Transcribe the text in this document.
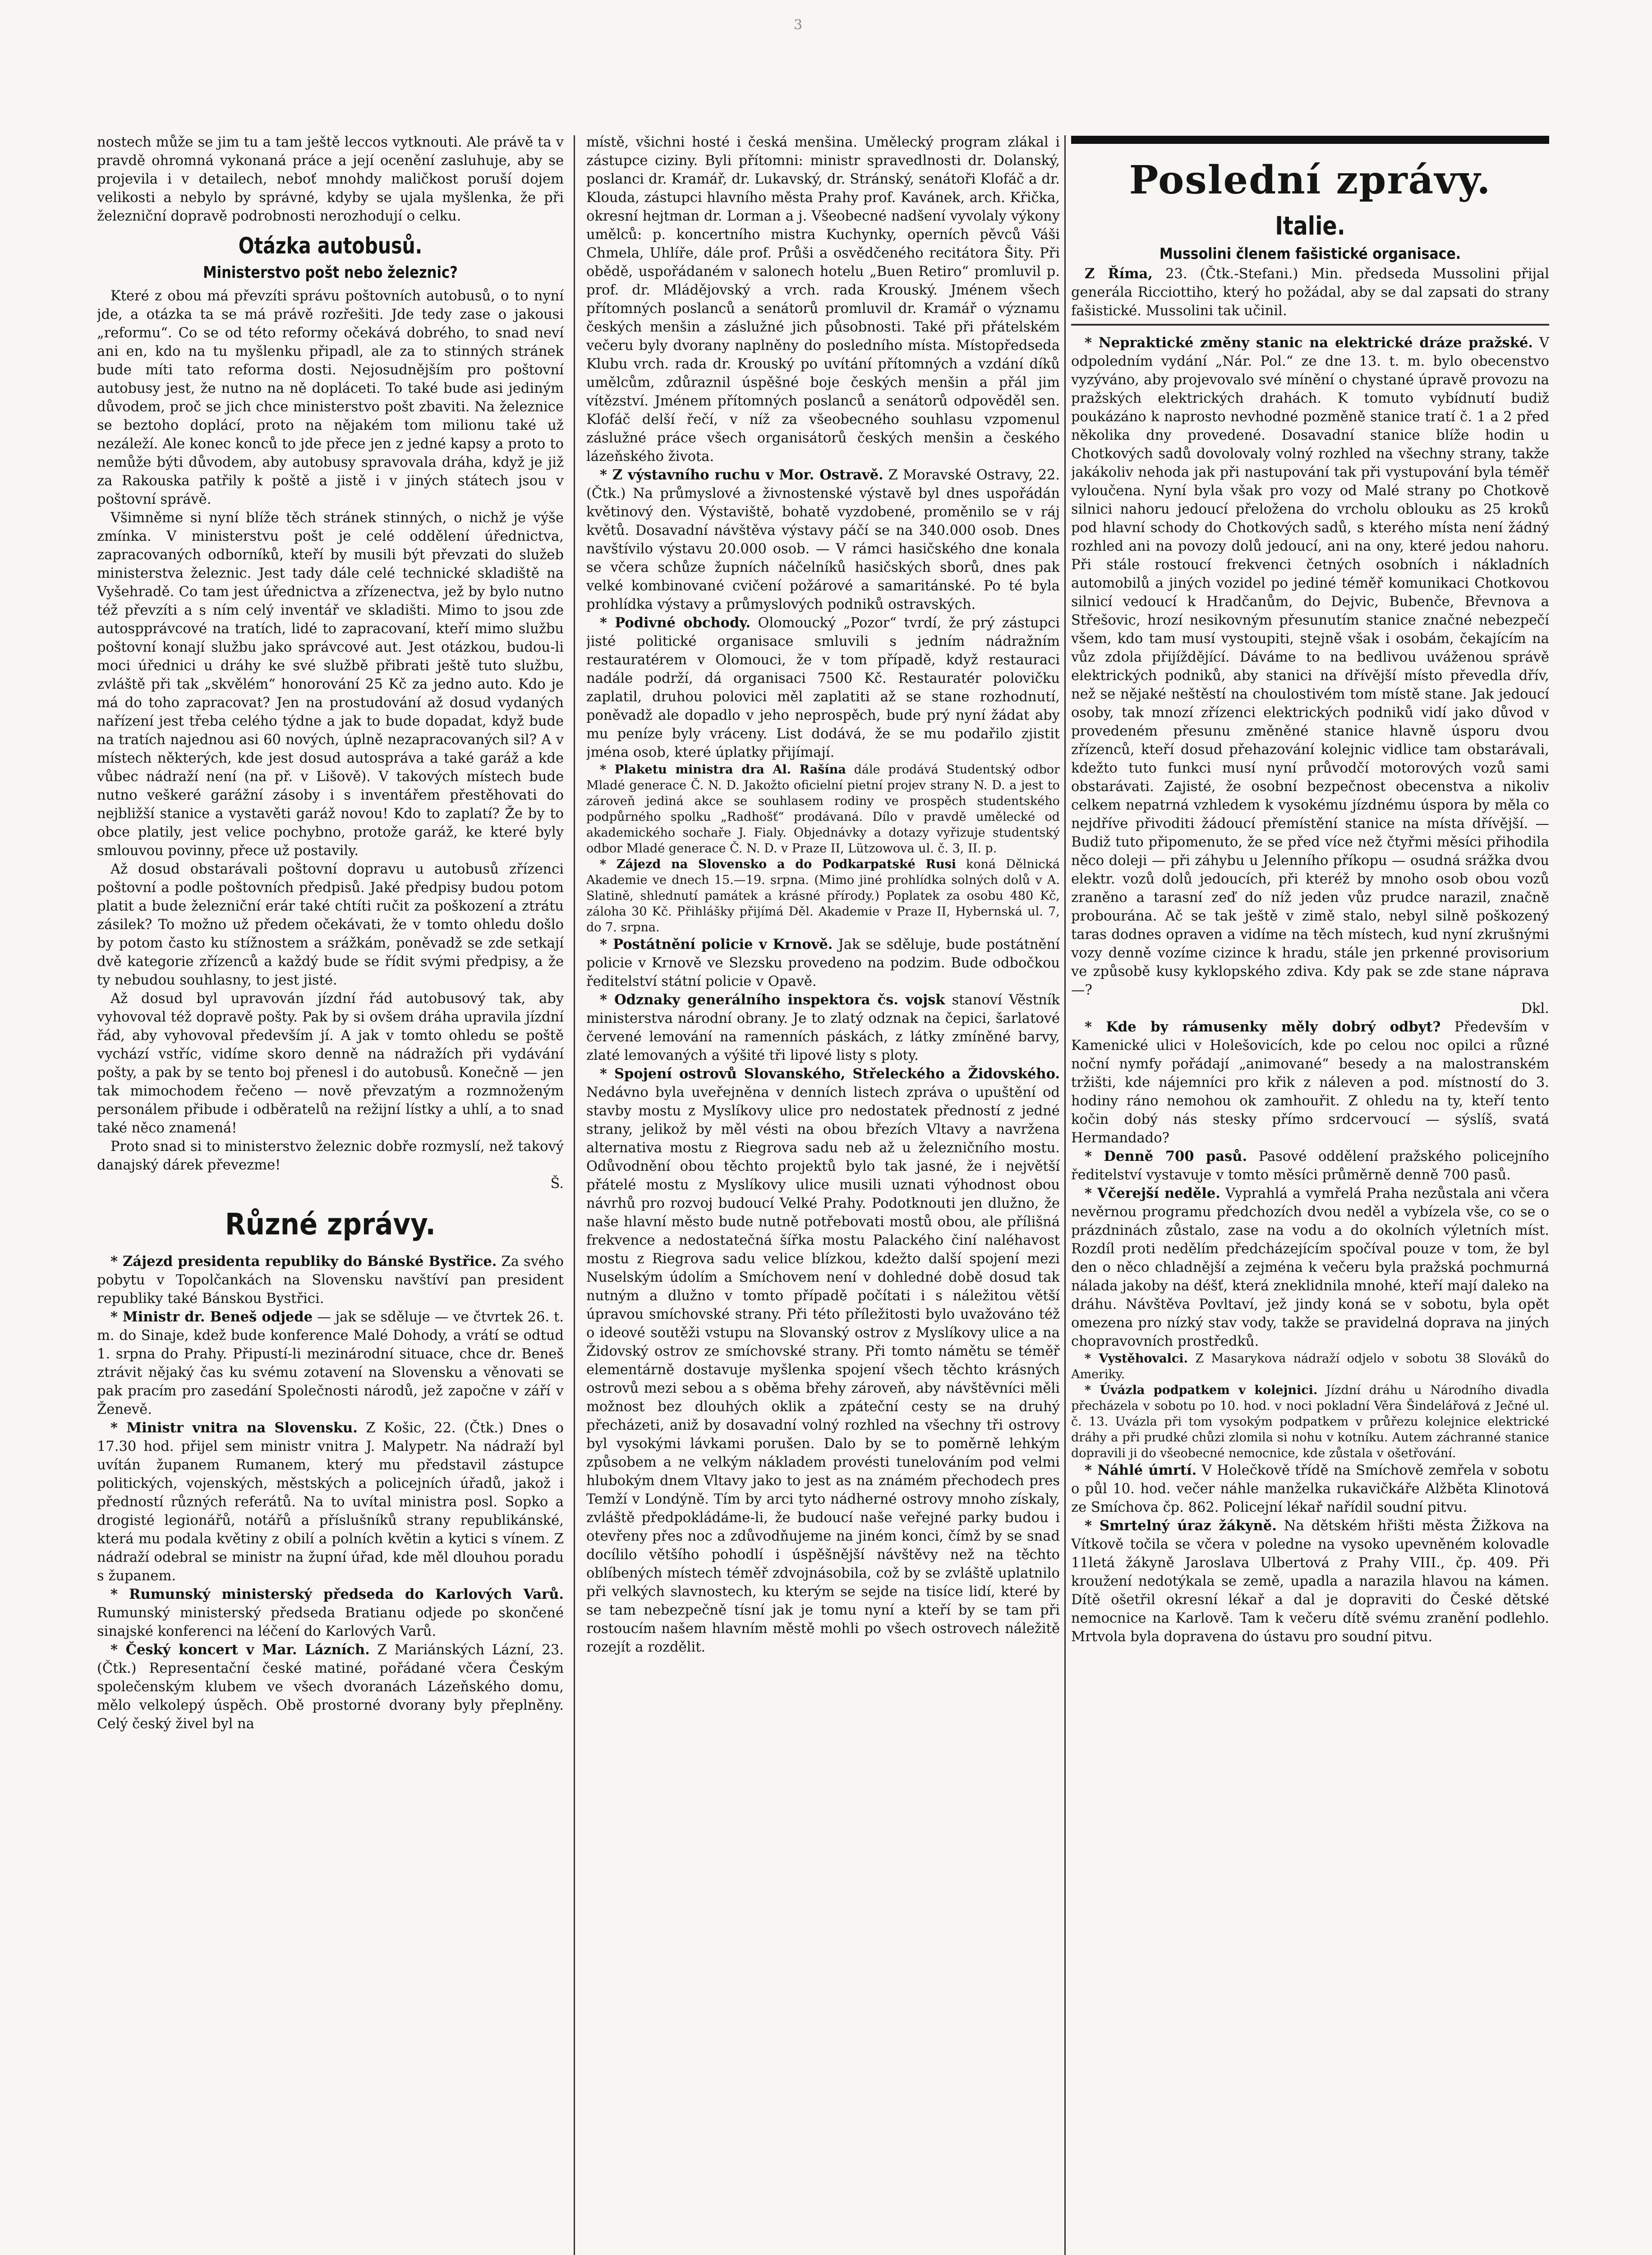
3

nostech může se jim tu a tam ještě leccos vytknouti. Ale právě ta v pravdě ohromná vykonaná práce a její ocenění zasluhuje, aby se projevila i v detailech, neboť mnohdy maličkost poruší dojem velikosti a nebylo by správné, kdyby se ujala myšlenka, že při železniční dopravě podrobnosti nerozhodují o celku.

Otázka autobusů.
Ministerstvo pošt nebo železnic?

Které z obou má převzíti správu poštovních autobusů, o to nyní jde, a otázka ta se má právě rozřešiti. Jde tedy zase o jakousi „reformu“. Co se od této reformy očekává dobrého, to snad neví ani en, kdo na tu myšlenku připadl, ale za to stinných stránek bude míti tato reforma dosti. Nejosudnějším pro poštovní autobusy jest, že nutno na ně dopláceti. To také bude asi jediným důvodem, proč se jich chce ministerstvo pošt zbaviti. Na železnice se beztoho doplácí, proto na nějakém tom milionu také už nezáleží. Ale konec konců to jde přece jen z jedné kapsy a proto to nemůže býti důvodem, aby autobusy spravovala dráha, když je již za Rakouska patřily k poště a jistě i v jiných státech jsou v poštovní správě.

Všimněme si nyní blíže těch stránek stinných, o nichž je výše zmínka. V ministerstvu pošt je celé oddělení úřednictva, zapracovaných odborníků, kteří by musili být převzati do služeb ministerstva železnic. Jest tady dále celé technické skladiště na Vyšehradě. Co tam jest úřednictva a zřízenectva, jež by bylo nutno též převzíti a s ním celý inventář ve skladišti. Mimo to jsou zde autospprávcové na tratích, lidé to zapracovaní, kteří mimo službu poštovní konají službu jako správcové aut. Jest otázkou, budou-li moci úřednici u dráhy ke své službě přibrati ještě tuto službu, zvláště při tak „skvělém“ honorování 25 Kč za jedno auto. Kdo je má do toho zapracovat? Jen na prostudování až dosud vydaných nařízení jest třeba celého týdne a jak to bude dopadat, když bude na tratích najednou asi 60 nových, úplně nezapracovaných sil? A v místech některých, kde jest dosud autospráva a také garáž a kde vůbec nádraží není (na př. v Lišově). V takových místech bude nutno veškeré garážní zásoby i s inventářem přestěhovati do nejbližší stanice a vystavěti garáž novou! Kdo to zaplatí? Že by to obce platily, jest velice pochybno, protože garáž, ke které byly smlouvou povinny, přece už postavily.

Až dosud obstarávali poštovní dopravu u autobusů zřízenci poštovní a podle poštovních předpisů. Jaké předpisy budou potom platit a bude železniční erár také chtíti ručit za poškození a ztrátu zásilek? To možno už předem očekávati, že v tomto ohledu došlo by potom často ku stížnostem a srážkám, poněvadž se zde setkají dvě kategorie zřízenců a každý bude se řídit svými předpisy, a že ty nebudou souhlasny, to jest jisté.

Až dosud byl upravován jízdní řád autobusový tak, aby vyhovoval též dopravě pošty. Pak by si ovšem dráha upravila jízdní řád, aby vyhovoval především jí. A jak v tomto ohledu se poště vychází vstříc, vidíme skoro denně na nádražích při vydávání pošty, a pak by se tento boj přenesl i do autobusů. Konečně — jen tak mimochodem řečeno — nově převzatým a rozmnoženým personálem přibude i odběratelů na režijní lístky a uhlí, a to snad také něco znamená!

Proto snad si to ministerstvo železnic dobře rozmyslí, než takový danajský dárek převezme!

Š.
Různé zprávy.

* Zájezd presidenta republiky do Bánské Bystřice. Za svého pobytu v Topolčankách na Slovensku navštíví pan president republiky také Bánskou Bystřici.

* Ministr dr. Beneš odjede — jak se sděluje — ve čtvrtek 26. t. m. do Sinaje, kdež bude konference Malé Dohody, a vrátí se odtud 1. srpna do Prahy. Připustí-li mezinárodní situace, chce dr. Beneš ztrávit nějaký čas ku svému zotavení na Slovensku a věnovati se pak pracím pro zasedání Společnosti národů, jež započne v září v Ženevě.

* Ministr vnitra na Slovensku. Z Košic, 22. (Čtk.) Dnes o 17.30 hod. přijel sem ministr vnitra J. Malypetr. Na nádraží byl uvítán županem Rumanem, který mu představil zástupce politických, vojenských, městských a policejních úřadů, jakož i předností různých referátů. Na to uvítal ministra posl. Sopko a drogisté legionářů, notářů a příslušníků strany republikánské, která mu podala květiny z obilí a polních květin a kytici s vínem. Z nádraží odebral se ministr na župní úřad, kde měl dlouhou poradu s županem.

* Rumunský ministerský předseda do Karlových Varů. Rumunský ministerský předseda Bratianu odjede po skončené sinajské konferenci na léčení do Karlových Varů.

* Český koncert v Mar. Lázních. Z Mariánských Lázní, 23. (Čtk.) Representační české matiné, pořádané včera Českým společenským klubem ve všech dvoranách Lázeňského domu, mělo velkolepý úspěch. Obě prostorné dvorany byly přeplněny. Celý český živel byl na

místě, všichni hosté i česká menšina. Umělecký program zlákal i zástupce ciziny. Byli přítomni: ministr spravedlnosti dr. Dolanský, poslanci dr. Kramář, dr. Lukavský, dr. Stránský, senátoři Klofáč a dr. Klouda, zástupci hlavního města Prahy prof. Kavánek, arch. Křička, okresní hejtman dr. Lorman a j. Všeobecné nadšení vyvolaly výkony umělců: p. koncertního mistra Kuchynky, operních pěvců Váši Chmela, Uhlíře, dále prof. Průši a osvědčeného recitátora Šity. Při obědě, uspořádaném v salonech hotelu „Buen Retiro“ promluvil p. prof. dr. Mládějovský a vrch. rada Krouský. Jménem všech přítomných poslanců a senátorů promluvil dr. Kramář o významu českých menšin a záslužné jich působnosti. Také při přátelském večeru byly dvorany naplněny do posledního místa. Místopředseda Klubu vrch. rada dr. Krouský po uvítání přítomných a vzdání díků umělcům, zdůraznil úspěšné boje českých menšin a přál jim vítězství. Jménem přítomných poslanců a senátorů odpověděl sen. Klofáč delší řečí, v níž za všeobecného souhlasu vzpomenul záslužné práce všech organisátorů českých menšin a českého lázeňského života.

* Z výstavního ruchu v Mor. Ostravě. Z Moravské Ostravy, 22. (Čtk.) Na průmyslové a živnostenské výstavě byl dnes uspořádán květinový den. Výstaviště, bohatě vyzdobené, proměnilo se v ráj květů. Dosavadní návštěva výstavy páčí se na 340.000 osob. Dnes navštívilo výstavu 20.000 osob. — V rámci hasičského dne konala se včera schůze župních náčelníků hasičských sborů, dnes pak velké kombinované cvičení požárové a samaritánské. Po té byla prohlídka výstavy a průmyslových podniků ostravských.

* Podivné obchody. Olomoucký „Pozor“ tvrdí, že prý zástupci jisté politické organisace smluvili s jedním nádražním restauratérem v Olomouci, že v tom případě, když restauraci nadále podrží, dá organisaci 7500 Kč. Restauratér polovičku zaplatil, druhou polovici měl zaplatiti až se stane rozhodnutí, poněvadž ale dopadlo v jeho neprospěch, bude prý nyní žádat aby mu peníze byly vráceny. List dodává, že se mu podařilo zjistit jména osob, které úplatky přijímají.

* Plaketu ministra dra Al. Rašína dále prodává Studentský odbor Mladé generace Č. N. D. Jakožto oficielní pietní projev strany N. D. a jest to zároveň jediná akce se souhlasem rodiny ve prospěch studentského podpůrného spolku „Radhošť“ prodávaná. Dílo v pravdě umělecké od akademického sochaře J. Fialy. Objednávky a dotazy vyřizuje studentský odbor Mladé generace Č. N. D. v Praze II, Lützowova ul. č. 3, II. p.

* Zájezd na Slovensko a do Podkarpatské Rusi koná Dělnická Akademie ve dnech 15.—19. srpna. (Mimo jiné prohlídka solných dolů v A. Slatině, shlednutí památek a krásné přírody.) Poplatek za osobu 480 Kč, záloha 30 Kč. Přihlášky přijímá Děl. Akademie v Praze II, Hybernská ul. 7, do 7. srpna.

* Postátnění policie v Krnově. Jak se sděluje, bude postátnění policie v Krnově ve Slezsku provedeno na podzim. Bude odbočkou ředitelství státní policie v Opavě.

* Odznaky generálního inspektora čs. vojsk stanoví Věstník ministerstva národní obrany. Je to zlatý odznak na čepici, šarlatové červené lemování na ramenních páskách, z látky zmíněné barvy, zlaté lemovaných a výšité tři lipové listy s ploty.

* Spojení ostrovů Slovanského, Střeleckého a Židovského. Nedávno byla uveřejněna v denních listech zpráva o upuštění od stavby mostu z Myslíkovy ulice pro nedostatek předností z jedné strany, jelikož by měl vésti na obou březích Vltavy a navržena alternativa mostu z Riegrova sadu neb až u železničního mostu. Odůvodnění obou těchto projektů bylo tak jasné, že i největší přátelé mostu z Myslíkovy ulice musili uznati výhodnost obou návrhů pro rozvoj budoucí Velké Prahy. Podotknouti jen dlužno, že naše hlavní město bude nutně potřebovati mostů obou, ale přílišná frekvence a nedostatečná šířka mostu Palackého činí naléhavost mostu z Riegrova sadu velice blízkou, kdežto další spojení mezi Nuselským údolím a Smíchovem není v dohledné době dosud tak nutným a dlužno v tomto případě počítati i s náležitou větší úpravou smíchovské strany. Při této příležitosti bylo uvažováno též o ideové soutěži vstupu na Slovanský ostrov z Myslíkovy ulice a na Židovský ostrov ze smíchovské strany. Při tomto námětu se téměř elementárně dostavuje myšlenka spojení všech těchto krásných ostrovů mezi sebou a s oběma břehy zároveň, aby návštěvníci měli možnost bez dlouhých oklik a zpáteční cesty se na druhý přecházeti, aniž by dosavadní volný rozhled na všechny tři ostrovy byl vysokými lávkami porušen. Dalo by se to poměrně lehkým způsobem a ne velkým nákladem provésti tunelováním pod velmi hlubokým dnem Vltavy jako to jest as na známém přechodech pres Temží v Londýně. Tím by arci tyto nádherné ostrovy mnoho získaly, zvláště předpokládáme-li, že budoucí naše veřejné parky budou i otevřeny přes noc a zdůvodňujeme na jiném konci, čímž by se snad docílilo většího pohodlí i úspěšnější návštěvy než na těchto oblíbených místech téměř zdvojnásobila, což by se zvláště uplatnilo při velkých slavnostech, ku kterým se sejde na tisíce lidí, které by se tam nebezpečně tísní jak je tomu nyní a kteří by se tam při rostoucím našem hlavním městě mohli po všech ostrovech náležitě rozejít a rozdělit.

Poslední zprávy.
Italie.
Mussolini členem fašistické organisace.

Z Říma, 23. (Čtk.-Stefani.) Min. předseda Mussolini přijal generála Ricciottiho, který ho požádal, aby se dal zapsati do strany fašistické. Mussolini tak učinil.

* Nepraktické změny stanic na elektrické dráze pražské. V odpoledním vydání „Nár. Pol.“ ze dne 13. t. m. bylo obecenstvo vyzýváno, aby projevovalo své mínění o chystané úpravě provozu na pražských elektrických drahách. K tomuto vybídnutí budiž poukázáno k naprosto nevhodné pozměně stanice tratí č. 1 a 2 před několika dny provedené. Dosavadní stanice blíže hodin u Chotkových sadů dovolovaly volný rozhled na všechny strany, takže jakákoliv nehoda jak při nastupování tak při vystupování byla téměř vyloučena. Nyní byla však pro vozy od Malé strany po Chotkově silnici nahoru jedoucí přeložena do vrcholu oblouku as 25 kroků pod hlavní schody do Chotkových sadů, s kterého místa není žádný rozhled ani na povozy dolů jedoucí, ani na ony, které jedou nahoru. Při stále rostoucí frekvenci četných osobních i nákladních automobilů a jiných vozidel po jediné téměř komunikaci Chotkovou silnicí vedoucí k Hradčanům, do Dejvic, Bubenče, Břevnova a Střešovic, hrozí nesikovným přesunutím stanice značné nebezpečí všem, kdo tam musí vystoupiti, stejně však i osobám, čekajícím na vůz zdola přijíždějící. Dáváme to na bedlivou uváženou správě elektrických podniků, aby stanici na dřívější místo převedla dřív, než se nějaké neštěstí na choulostivém tom místě stane. Jak jedoucí osoby, tak mnozí zřízenci elektrických podniků vidí jako důvod v provedeném přesunu změněné stanice hlavně úsporu dvou zřízenců, kteří dosud přehazování kolejnic vidlice tam obstarávali, kdežto tuto funkci musí nyní průvodčí motorových vozů sami obstarávati. Zajisté, že osobní bezpečnost obecenstva a nikoliv celkem nepatrná vzhledem k vysokému jízdnému úspora by měla co nejdříve přivoditi žádoucí přemístění stanice na místa dřívější. — Budiž tuto připomenuto, že se před více než čtyřmi měsíci přihodila něco doleji — při záhybu u Jelenního příkopu — osudná srážka dvou elektr. vozů dolů jedoucích, při kteréž by mnoho osob obou vozů zraněno a tarasní zeď do níž jeden vůz prudce narazil, značně probourána. Ač se tak ještě v zimě stalo, nebyl silně poškozený taras dodnes opraven a vidíme na těch místech, kud nyní zkrušnými vozy denně vozíme cizince k hradu, stále jen prkenné provisorium ve způsobě kusy kyklopského zdiva. Kdy pak se zde stane náprava —?

Dkl.

* Kde by rámusenky měly dobrý odbyt? Především v Kamenické ulici v Holešovicích, kde po celou noc opilci a různé noční nymfy pořádají „animované“ besedy a na malostranském tržišti, kde nájemníci pro křik z náleven a pod. místností do 3. hodiny ráno nemohou ok zamhouřit. Z ohledu na ty, kteří tento kočin dobý nás stesky přímo srdcervoucí — sýslíš, svatá Hermandado?

* Denně 700 pasů. Pasové oddělení pražského policejního ředitelství vystavuje v tomto měsíci průměrně denně 700 pasů.

* Včerejší neděle. Vyprahlá a vymřelá Praha nezůstala ani včera nevěrnou programu předchozích dvou neděl a vybízela vše, co se o prázdninách zůstalo, zase na vodu a do okolních výletních míst. Rozdíl proti nedělím předcházejícím spočíval pouze v tom, že byl den o něco chladnější a zejména k večeru byla pražská pochmurná nálada jakoby na déšť, která zneklidnila mnohé, kteří mají daleko na dráhu. Návštěva Povltaví, jež jindy koná se v sobotu, byla opět omezena pro nízký stav vody, takže se pravidelná doprava na jiných chopravovních prostředků.

* Vystěhovalci. Z Masarykova nádraží odjelo v sobotu 38 Slováků do Ameriky.

* Úvázla podpatkem v kolejnici. Jízdní dráhu u Národního divadla přecházela v sobotu po 10. hod. v noci pokladní Věra Šindelářová z Ječné ul. č. 13. Uvázla při tom vysokým podpatkem v průřezu kolejnice elektrické dráhy a při prudké chůzi zlomila si nohu v kotníku. Autem záchranné stanice dopravili ji do všeobecné nemocnice, kde zůstala v ošetřování.

* Náhlé úmrtí. V Holečkově třídě na Smíchově zemřela v sobotu o půl 10. hod. večer náhle manželka rukavičkáře Alžběta Klinotová ze Smíchova čp. 862. Policejní lékař nařídil soudní pitvu.

* Smrtelný úraz žákyně. Na dětském hřišti města Žižkova na Vítkově točila se včera v poledne na vysoko upevněném kolovadle 11letá žákyně Jaroslava Ulbertová z Prahy VIII., čp. 409. Při kroužení nedotýkala se země, upadla a narazila hlavou na kámen. Dítě ošetřil okresní lékař a dal je dopraviti do České dětské nemocnice na Karlově. Tam k večeru dítě svému zranění podlehlo. Mrtvola byla dopravena do ústavu pro soudní pitvu.
